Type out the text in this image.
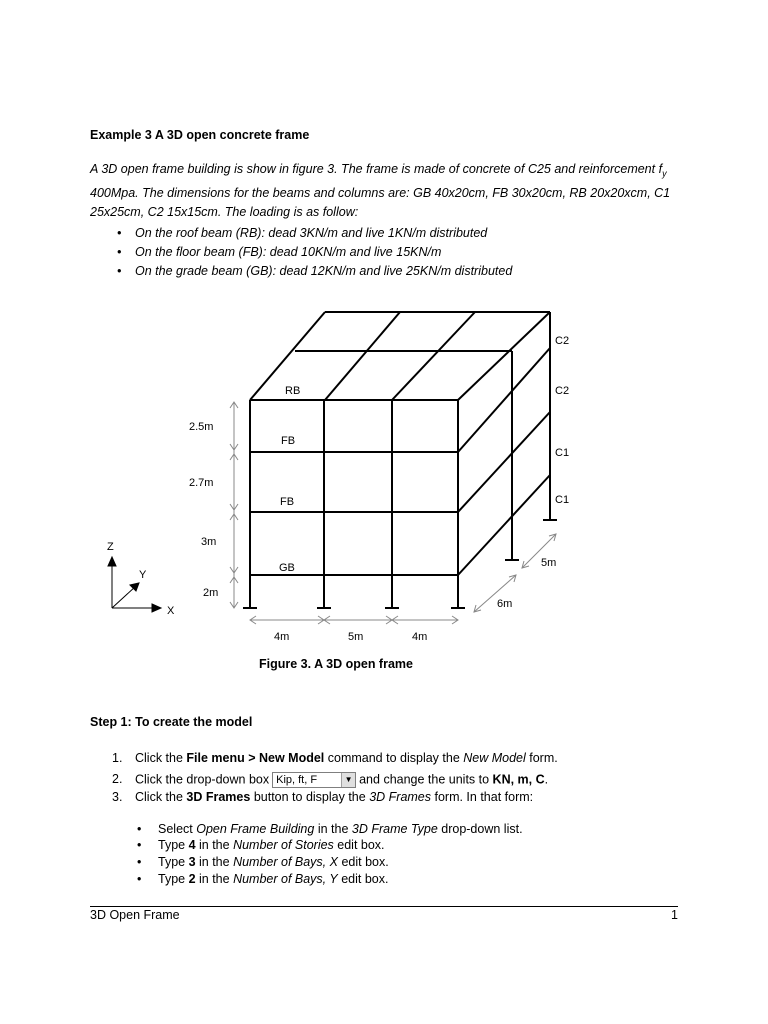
Example 3 A 3D open concrete frame
A 3D open frame building is show in figure 3. The frame is made of concrete of C25 and reinforcement $f_y$ 400Mpa. The dimensions for the beams and columns are: GB 40x20cm, FB 30x20cm, RB 20x20xcm, C1 25x25cm, C2 15x15cm. The loading is as follow:
• On the roof beam (RB): dead 3KN/m and live 1KN/m distributed
• On the floor beam (FB): dead 10KN/m and live 15KN/m
• On the grade beam (GB): dead 12KN/m and live 25KN/m distributed
RB
FB
FB
GB
C2
C2
C1
C1
2.5m
2.7m
3m
2m
4m	5m	4m
5m
6m
Z
Y
X
Figure 3. A 3D open frame
Step 1: To create the model
1. Click the File menu > New Model command to display the New Model form.
2. Click the drop-down box Kip, ft, F	▼ and change the units to KN, m, C.
3. Click the 3D Frames button to display the 3D Frames form. In that form:
• Select Open Frame Building in the 3D Frame Type drop-down list.
• Type 4 in the Number of Stories edit box.
• Type 3 in the Number of Bays, X edit box.
• Type 2 in the Number of Bays, Y edit box.
3D Open Frame	1
